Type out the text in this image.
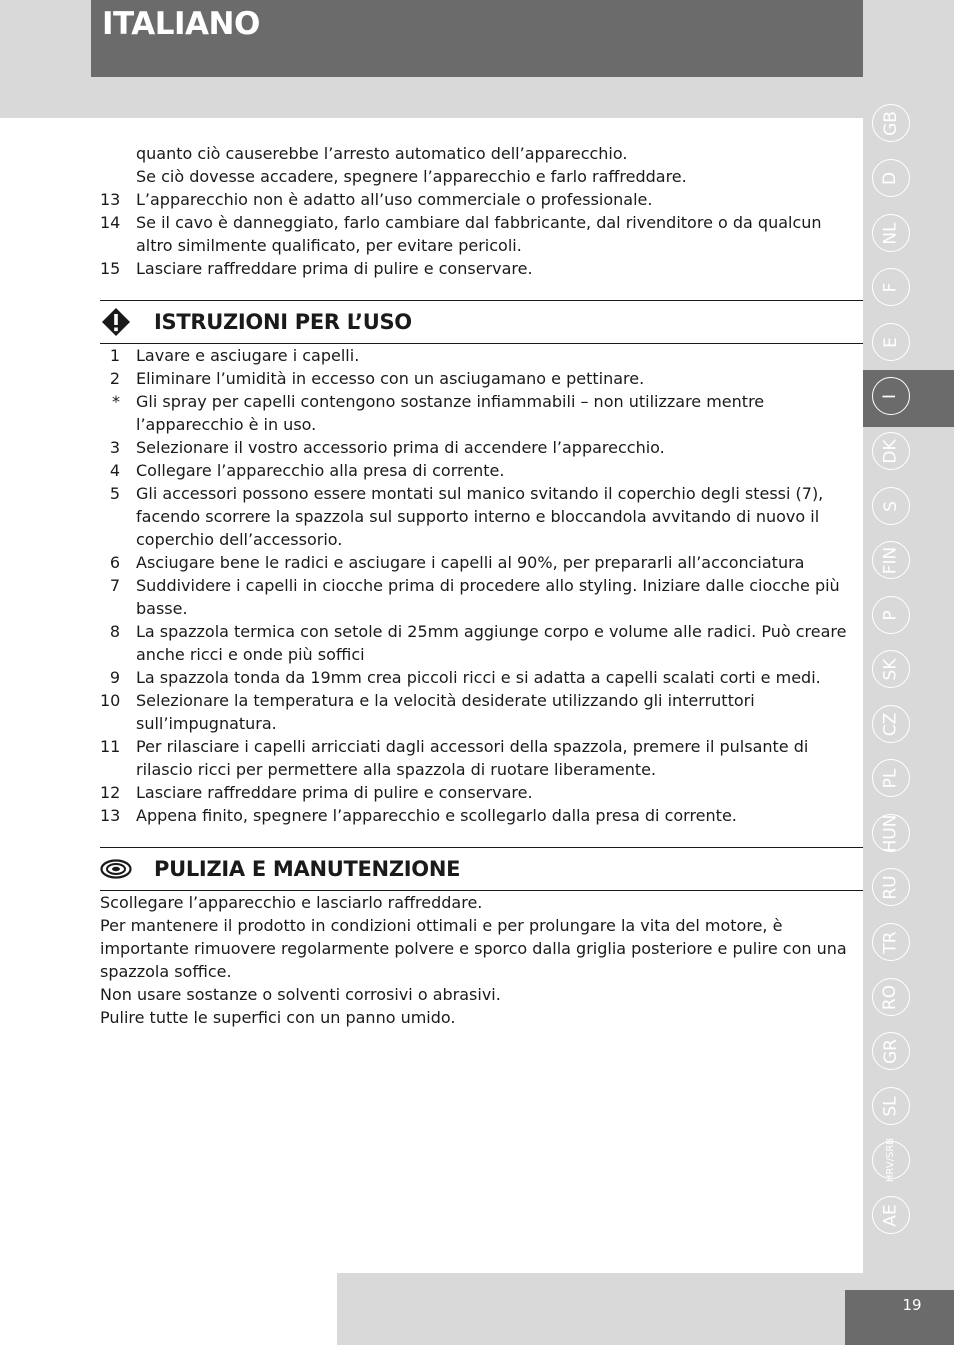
ITALIANO
GB
D
NL
F
E
I
DK
S
FIN
P
SK
CZ
PL
HUN
RU
TR
RO
GR
SL
HRV/SRB
AE
quanto ciò causerebbe l’arresto automatico dell’apparecchio.
Se ciò dovesse accadere, spegnere l’apparecchio e farlo raffreddare.
13 L’apparecchio non è adatto all’uso commerciale o professionale.
14 Se il cavo è danneggiato, farlo cambiare dal fabbricante, dal rivenditore o da qualcun altro similmente qualificato, per evitare pericoli.
15 Lasciare raffreddare prima di pulire e conservare.
ISTRUZIONI PER L’USO
1 Lavare e asciugare i capelli.
2 Eliminare l’umidità in eccesso con un asciugamano e pettinare.
* Gli spray per capelli contengono sostanze infiammabili – non utilizzare mentre l’apparecchio è in uso.
3 Selezionare il vostro accessorio prima di accendere l’apparecchio.
4 Collegare l’apparecchio alla presa di corrente.
5 Gli accessori possono essere montati sul manico svitando il coperchio degli stessi (7), facendo scorrere la spazzola sul supporto interno e bloccandola avvitando di nuovo il coperchio dell’accessorio.
6 Asciugare bene le radici e asciugare i capelli al 90%, per prepararli all’acconciatura
7 Suddividere i capelli in ciocche prima di procedere allo styling. Iniziare dalle ciocche più basse.
8 La spazzola termica con setole di 25mm aggiunge corpo e volume alle radici. Può creare anche ricci e onde più soffici
9 La spazzola tonda da 19mm crea piccoli ricci e si adatta a capelli scalati corti e medi.
10 Selezionare la temperatura e la velocità desiderate utilizzando gli interruttori sull’impugnatura.
11 Per rilasciare i capelli arricciati dagli accessori della spazzola, premere il pulsante di rilascio ricci per permettere alla spazzola di ruotare liberamente.
12 Lasciare raffreddare prima di pulire e conservare.
13 Appena finito, spegnere l’apparecchio e scollegarlo dalla presa di corrente.
PULIZIA E MANUTENZIONE
Scollegare l’apparecchio e lasciarlo raffreddare.
Per mantenere il prodotto in condizioni ottimali e per prolungare la vita del motore, è importante rimuovere regolarmente polvere e sporco dalla griglia posteriore e pulire con una spazzola soffice.
Non usare sostanze o solventi corrosivi o abrasivi.
Pulire tutte le superfici con un panno umido.
19
